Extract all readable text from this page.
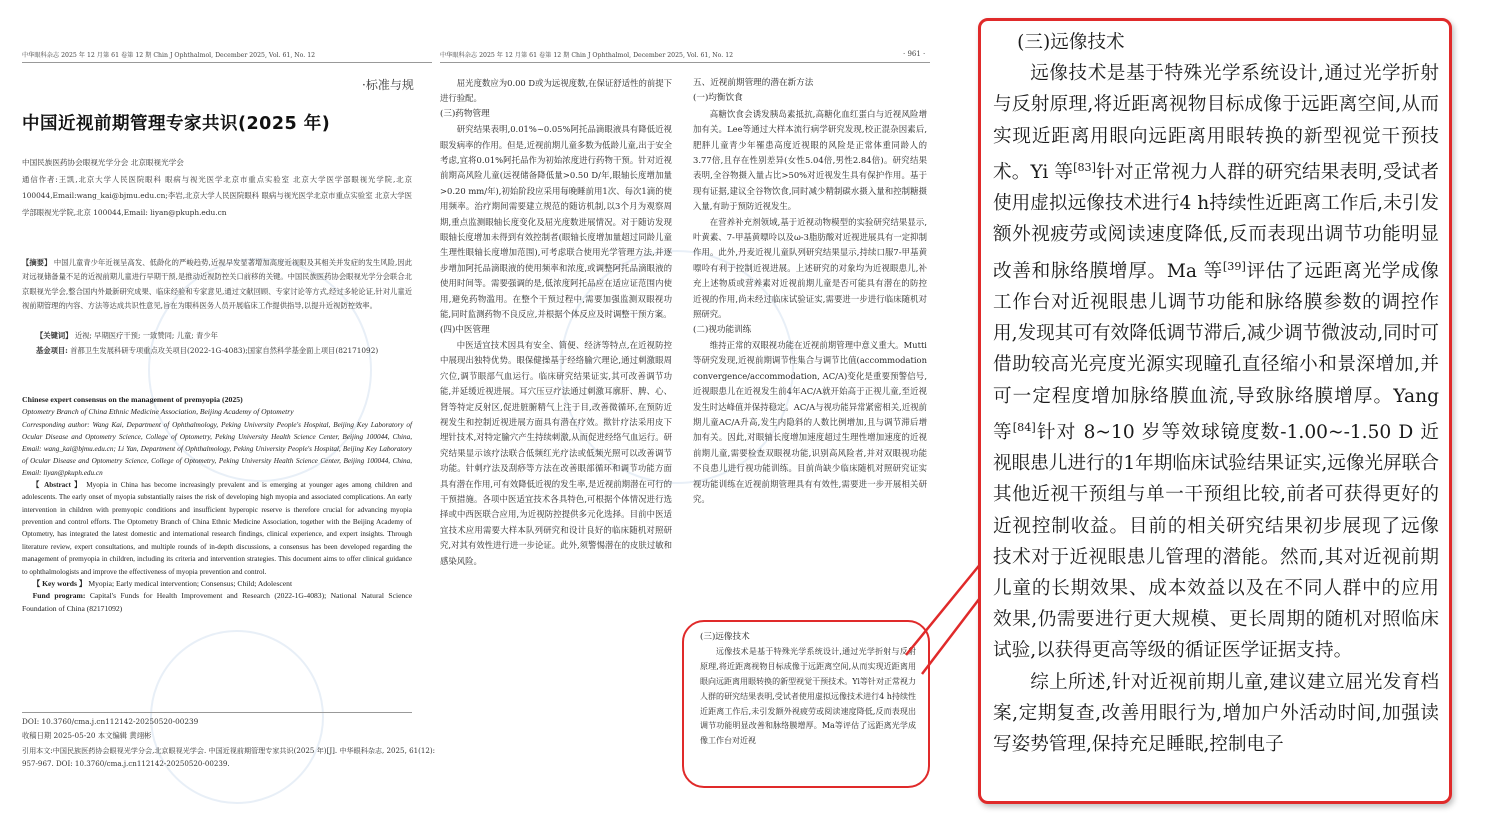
中华眼科杂志 2025 年 12 月第 61 卷第 12 期 Chin J Ophthalmol, December 2025, Vol. 61, No. 12	中华眼科杂志 2025 年 12 月第 61 卷第 12 期 Chin J Ophthalmol, December 2025, Vol. 61, No. 12	· 961 ·
·标准与规
中国近视前期管理专家共识(2025 年)
中国民族医药协会眼视光学分会 北京眼视光学会
通信作者:王凯,北京大学人民医院眼科 眼病与视光医学北京市重点实验室 北京大学医学部眼视光学院,北京 100044,Email:wang_kai@bjmu.edu.cn;李岩,北京大学人民医院眼科 眼病与视光医学北京市重点实验室 北京大学医学部眼视光学院,北京 100044,Email: liyan@pkuph.edu.cn
【摘要】 中国儿童青少年近视呈高发、低龄化的严峻趋势,近视早发显著增加高度近视眼及其相关并发症的发生风险,因此对远视储备量不足的近视前期儿童进行早期干预,是推动近视防控关口前移的关键。中国民族医药协会眼视光学分会联合北京眼视光学会,整合国内外最新研究成果、临床经验和专家意见,通过文献回顾、专家讨论等方式,经过多轮论证,针对儿童近视前期管理的内容、方法等达成共识性意见,旨在为眼科医务人员开展临床工作提供指导,以提升近视防控效率。
【关键词】 近视; 早期医疗干预; 一致赞同; 儿童; 青少年
基金项目: 首都卫生发展科研专项重点攻关项目(2022-1G-4083);国家自然科学基金面上项目(82171092)

Chinese expert consensus on the management of premyopia (2025)

Optometry Branch of China Ethnic Medicine Association, Beijing Academy of Optometry

Corresponding author: Wang Kai, Department of Ophthalmology, Peking University People's Hospital, Beijing Key Laboratory of Ocular Disease and Optometry Science, College of Optometry, Peking University Health Science Center, Beijing 100044, China, Email: wang_kai@bjmu.edu.cn; Li Yan, Department of Ophthalmology, Peking University People's Hospital, Beijing Key Laboratory of Ocular Disease and Optometry Science, College of Optometry, Peking University Health Science Center, Beijing 100044, China, Email: liyan@pkuph.edu.cn

【 Abstract 】 Myopia in China has become increasingly prevalent and is emerging at younger ages among children and adolescents. The early onset of myopia substantially raises the risk of developing high myopia and associated complications. An early intervention in children with premyopic conditions and insufficient hyperopic reserve is therefore crucial for advancing myopia prevention and control efforts. The Optometry Branch of China Ethnic Medicine Association, together with the Beijing Academy of Optometry, has integrated the latest domestic and international research findings, clinical experience, and expert insights. Through literature review, expert consultations, and multiple rounds of in-depth discussions, a consensus has been developed regarding the management of premyopia in children, including its criteria and intervention strategies. This document aims to offer clinical guidance to ophthalmologists and improve the effectiveness of myopia prevention and control.

【 Key words 】 Myopia; Early medical intervention; Consensus; Child; Adolescent

Fund program: Capital's Funds for Health Improvement and Research (2022-1G-4083); National Natural Science Foundation of China (82171092)

DOI: 10.3760/cma.j.cn112142-20250520-00239
收稿日期 2025-05-20 本文编辑 黄翊彬
引用本文:中国民族医药协会眼视光学分会,北京眼视光学会. 中国近视前期管理专家共识(2025 年)[J]. 中华眼科杂志, 2025, 61(12): 957-967. DOI: 10.3760/cma.j.cn112142-20250520-00239.

屈光度数应为0.00 D或为远视度数,在保证舒适性的前提下进行验配。

(三)药物管理

研究结果表明,0.01%~0.05%阿托品滴眼液具有降低近视眼发病率的作用。但是,近视前期儿童多数为低龄儿童,出于安全考虑,宜将0.01%阿托品作为初始浓度进行药物干预。针对近视前期高风险儿童(远视储备降低量>0.50 D/年,眼轴长度增加量>0.20 mm/年),初始阶段应采用每晚睡前用1次、每次1滴的使用频率。治疗期间需要建立规范的随访机制,以3个月为观察周期,重点监测眼轴长度变化及屈光度数进展情况。对于随访发现眼轴长度增加未得到有效控制者(眼轴长度增加量超过同龄儿童生理性眼轴长度增加范围),可考虑联合使用光学管理方法,并逐步增加阿托品滴眼液的使用频率和浓度,或调整阿托品滴眼液的使用时间等。需要强调的是,低浓度阿托品应在适应证范围内使用,避免药物滥用。在整个干预过程中,需要加强监测双眼视功能,同时监测药物不良反应,并根据个体反应及时调整干预方案。

(四)中医管理

中医适宜技术因具有安全、简便、经济等特点,在近视防控中展现出独特优势。眼保健操基于经络腧穴理论,通过刺激眼周穴位,调节眼部气血运行。临床研究结果证实,其可改善调节功能,并延缓近视进展。耳穴压豆疗法通过刺激耳廓肝、脾、心、肾等特定反射区,促进脏腑精气上注于目,改善微循环,在预防近视发生和控制近视进展方面具有潜在疗效。揿针疗法采用皮下埋针技术,对特定腧穴产生持续刺激,从而促进经络气血运行。研究结果显示该疗法联合低频红光疗法或低频光照可以改善调节功能。针刺疗法及刮痧等方法在改善眼部循环和调节功能方面具有潜在作用,可有效降低近视的发生率,是近视前期潜在可行的干预措施。各项中医适宜技术各具特色,可根据个体情况进行选择或中西医联合应用,为近视防控提供多元化选择。目前中医适宜技术应用需要大样本队列研究和设计良好的临床随机对照研究,对其有效性进行进一步论证。此外,须警惕潜在的皮肤过敏和感染风险。

五、近视前期管理的潜在新方法
(一)均衡饮食

高糖饮食会诱发胰岛素抵抗,高糖化血红蛋白与近视风险增加有关。Lee等通过大样本流行病学研究发现,校正混杂因素后,肥胖儿童青少年罹患高度近视眼的风险是正常体重同龄人的3.77倍,且存在性别差异(女性5.04倍,男性2.84倍)。研究结果表明,全谷物摄入量占比>50%对近视发生具有保护作用。基于现有证据,建议全谷物饮食,同时减少精制碳水摄入量和控制糖摄入量,有助于预防近视发生。

在营养补充剂领域,基于近视动物模型的实验研究结果显示,叶黄素、7-甲基黄嘌呤以及ω-3脂肪酸对近视进展具有一定抑制作用。此外,丹麦近视儿童队列研究结果显示,持续口服7-甲基黄嘌呤有利于控制近视进展。上述研究的对象均为近视眼患儿,补充上述物质或营养素对近视前期儿童是否可能具有潜在的防控近视的作用,尚未经过临床试验证实,需要进一步进行临床随机对照研究。

(二)视功能训练

维持正常的双眼视功能在近视前期管理中意义重大。Mutti等研究发现,近视前期调节性集合与调节比值(accommodation convergence/accommodation, AC/A)变化是重要预警信号,近视眼患儿在近视发生前4年AC/A就开始高于正视儿童,至近视发生时达峰值并保持稳定。AC/A与视功能异常紧密相关,近视前期儿童AC/A升高,发生内隐斜的人数比例增加,且与调节滞后增加有关。因此,对眼轴长度增加速度超过生理性增加速度的近视前期儿童,需要检查双眼视功能,识别高风险者,并对双眼视功能不良患儿进行视功能训练。目前尚缺少临床随机对照研究证实视功能训练在近视前期管理具有有效性,需要进一步开展相关研究。

(三)远像技术

远像技术是基于特殊光学系统设计,通过光学折射与反射原理,将近距离视物目标成像于远距离空间,从而实现近距离用眼向远距离用眼转换的新型视觉干预技术。Yi等针对正常视力人群的研究结果表明,受试者使用虚拟远像技术进行4 h持续性近距离工作后,未引发额外视疲劳或阅读速度降低,反而表现出调节功能明显改善和脉络膜增厚。Ma等评估了远距离光学成像工作台对近视

(三)远像技术

远像技术是基于特殊光学系统设计,通过光学折射与反射原理,将近距离视物目标成像于远距离空间,从而实现近距离用眼向远距离用眼转换的新型视觉干预技术。Yi 等[83]针对正常视力人群的研究结果表明,受试者使用虚拟远像技术进行4 h持续性近距离工作后,未引发额外视疲劳或阅读速度降低,反而表现出调节功能明显改善和脉络膜增厚。Ma 等[39]评估了远距离光学成像工作台对近视眼患儿调节功能和脉络膜参数的调控作用,发现其可有效降低调节滞后,减少调节微波动,同时可借助较高光亮度光源实现瞳孔直径缩小和景深增加,并可一定程度增加脉络膜血流,导致脉络膜增厚。Yang 等[84]针对 8~10 岁等效球镜度数-1.00~-1.50 D 近视眼患儿进行的1年期临床试验结果证实,远像光屏联合其他近视干预组与单一干预组比较,前者可获得更好的近视控制收益。目前的相关研究结果初步展现了远像技术对于近视眼患儿管理的潜能。然而,其对近视前期儿童的长期效果、成本效益以及在不同人群中的应用效果,仍需要进行更大规模、更长周期的随机对照临床试验,以获得更高等级的循证医学证据支持。

综上所述,针对近视前期儿童,建议建立屈光发育档案,定期复查,改善用眼行为,增加户外活动时间,加强读写姿势管理,保持充足睡眠,控制电子
